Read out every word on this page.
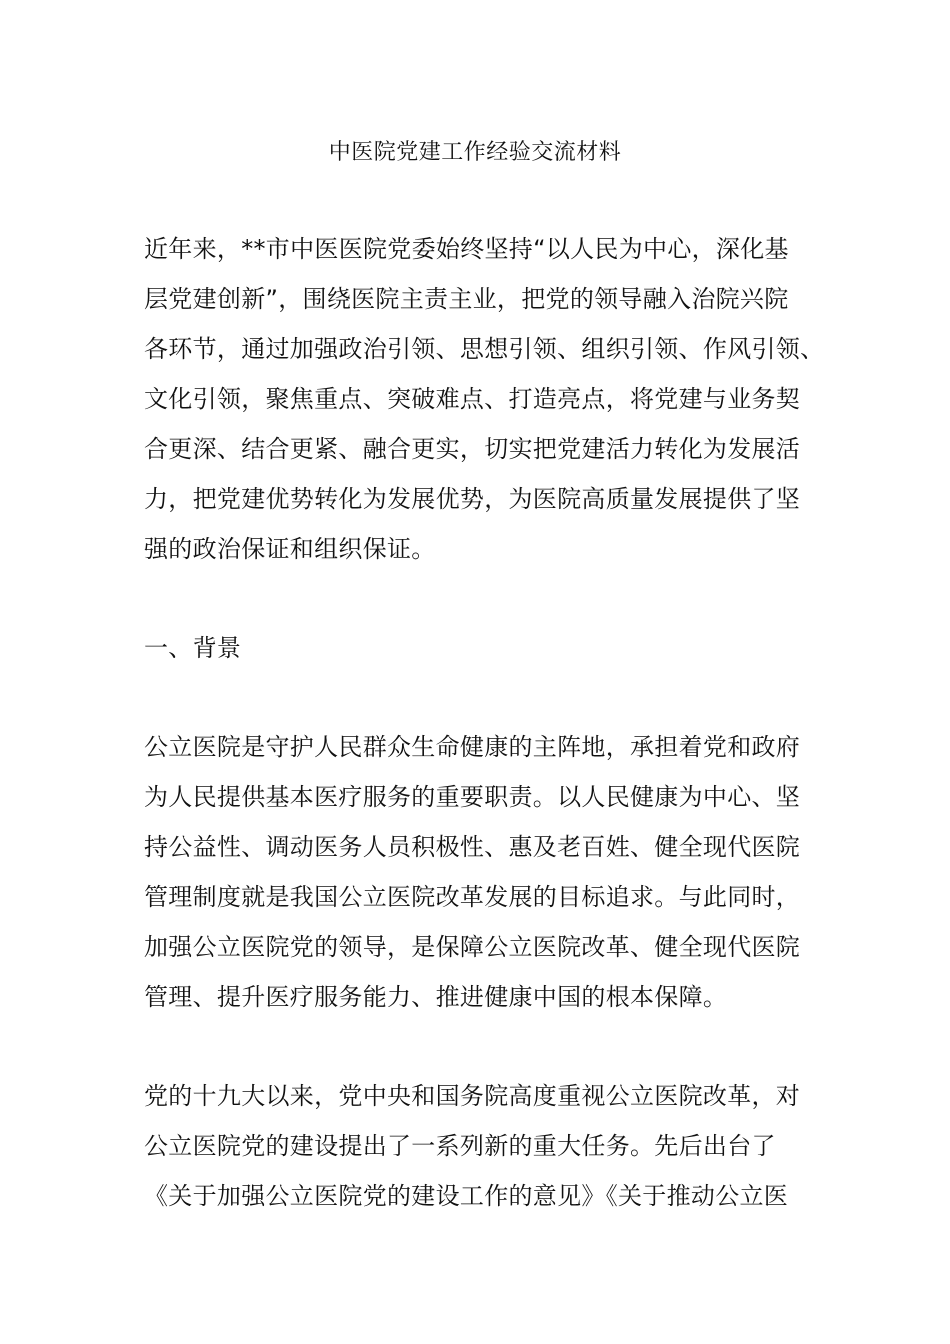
中医院党建工作经验交流材料

近年来，**市中医医院党委始终坚持“以人民为中心，深化基

层党建创新”，围绕医院主责主业，把党的领导融入治院兴院

各环节，通过加强政治引领、思想引领、组织引领、作风引领、

文化引领，聚焦重点、突破难点、打造亮点，将党建与业务契

合更深、结合更紧、融合更实，切实把党建活力转化为发展活

力，把党建优势转化为发展优势，为医院高质量发展提供了坚

强的政治保证和组织保证。

一、背景

公立医院是守护人民群众生命健康的主阵地，承担着党和政府

为人民提供基本医疗服务的重要职责。以人民健康为中心、坚

持公益性、调动医务人员积极性、惠及老百姓、健全现代医院

管理制度就是我国公立医院改革发展的目标追求。与此同时，

加强公立医院党的领导，是保障公立医院改革、健全现代医院

管理、提升医疗服务能力、推进健康中国的根本保障。

党的十九大以来，党中央和国务院高度重视公立医院改革，对

公立医院党的建设提出了一系列新的重大任务。先后出台了

《关于加强公立医院党的建设工作的意见》《关于推动公立医
